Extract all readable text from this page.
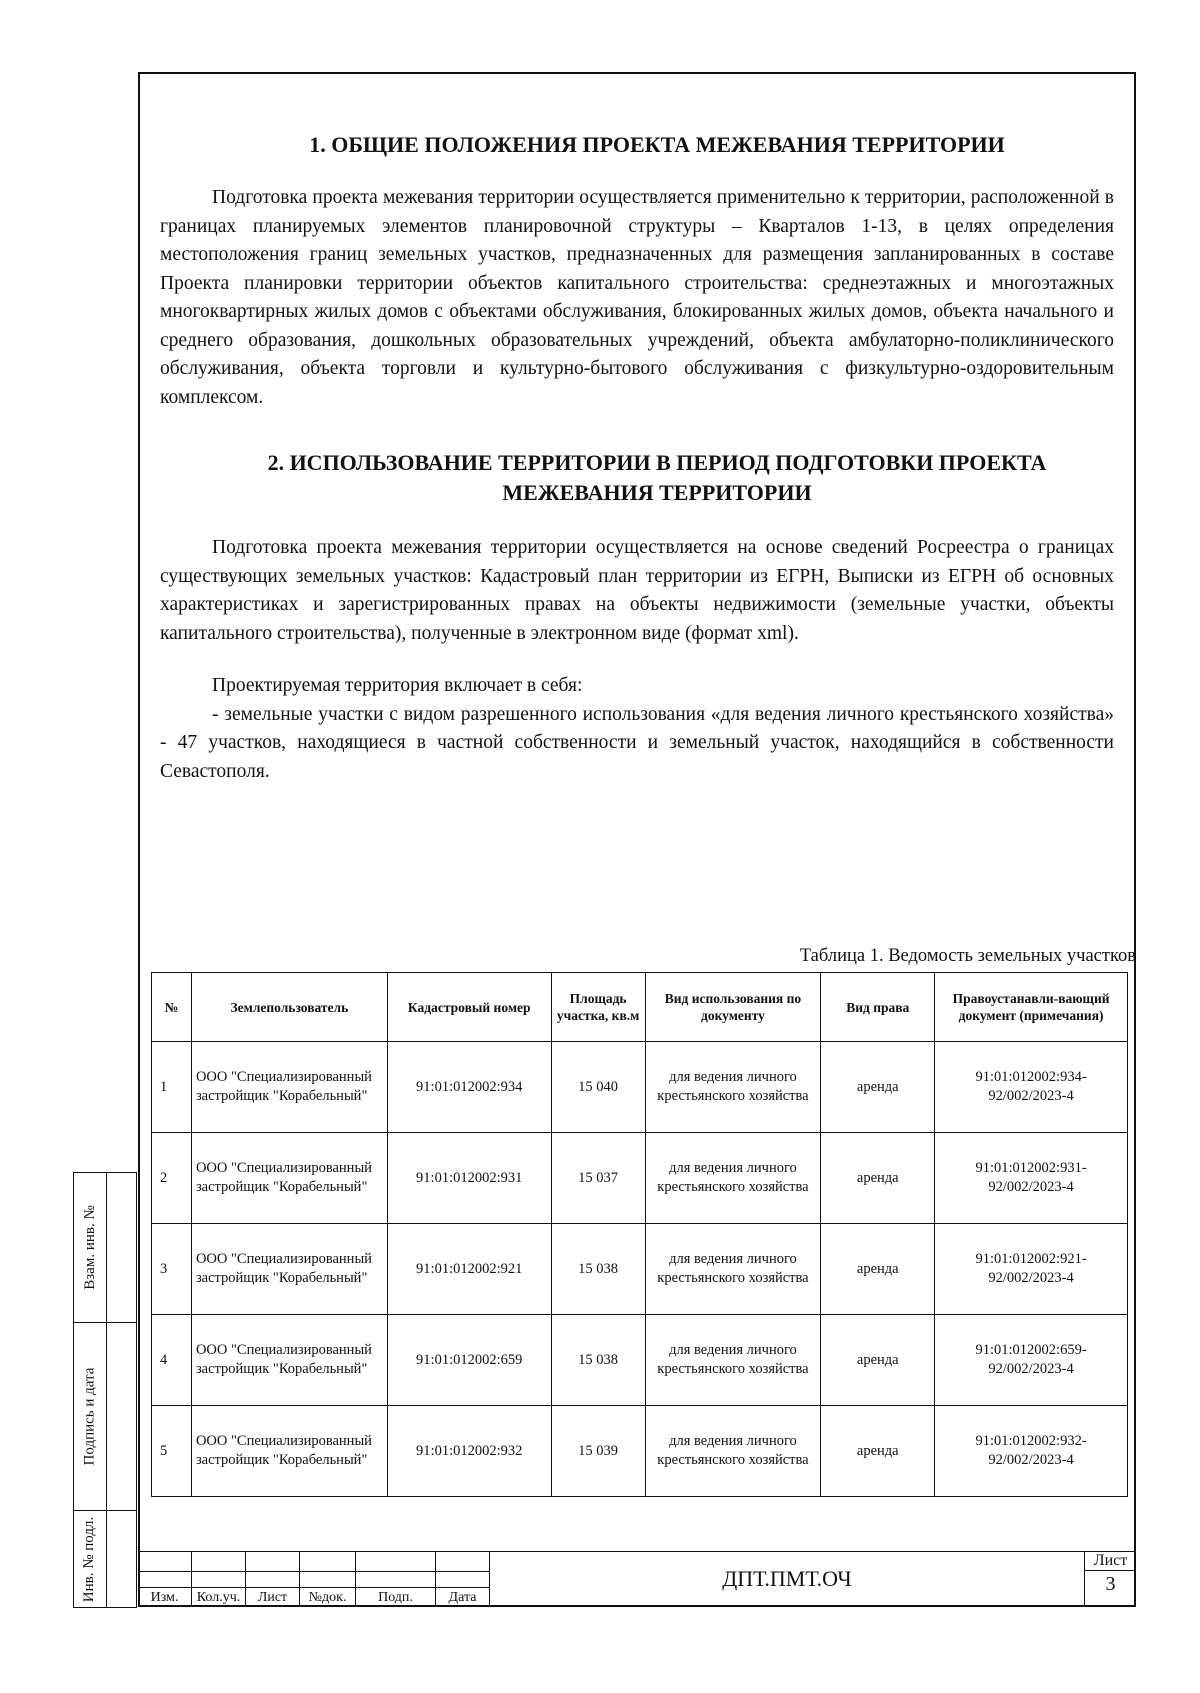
1. ОБЩИЕ ПОЛОЖЕНИЯ ПРОЕКТА МЕЖЕВАНИЯ ТЕРРИТОРИИ

Подготовка проекта межевания территории осуществляется применительно к территории, расположенной в границах планируемых элементов планировочной структуры – Кварталов 1-13, в целях определения местоположения границ земельных участков, предназначенных для размещения запланированных в составе Проекта планировки территории объектов капитального строительства: среднеэтажных и многоэтажных многоквартирных жилых домов с объектами обслуживания, блокированных жилых домов, объекта начального и среднего образования, дошкольных образовательных учреждений, объекта амбулаторно-поликлинического обслуживания, объекта торговли и культурно-бытового обслуживания с физкультурно-оздоровительным комплексом.

2. ИСПОЛЬЗОВАНИЕ ТЕРРИТОРИИ В ПЕРИОД ПОДГОТОВКИ ПРОЕКТА
МЕЖЕВАНИЯ ТЕРРИТОРИИ

Подготовка проекта межевания территории осуществляется на основе сведений Росреестра о границах существующих земельных участков: Кадастровый план территории из ЕГРН, Выписки из ЕГРН об основных характеристиках и зарегистрированных правах на объекты недвижимости (земельные участки, объекты капитального строительства), полученные в электронном виде (формат xml).

Проектируемая территория включает в себя:

- земельные участки с видом разрешенного использования «для ведения личного крестьянского хозяйства» - 47 участков, находящиеся в частной собственности и земельный участок, находящийся в собственности Севастополя.

Таблица 1. Ведомость земельных участков
№	Землепользователь	Кадастровый номер	Площадь участка, кв.м	Вид использования по документу	Вид права	Правоустанавли-вающий документ (примечания)
1	ООО "Специализированный застройщик "Корабельный"	91:01:012002:934	15 040	для ведения личного крестьянского хозяйства	аренда	91:01:012002:934-92/002/2023-4
2	ООО "Специализированный застройщик "Корабельный"	91:01:012002:931	15 037	для ведения личного крестьянского хозяйства	аренда	91:01:012002:931-92/002/2023-4
3	ООО "Специализированный застройщик "Корабельный"	91:01:012002:921	15 038	для ведения личного крестьянского хозяйства	аренда	91:01:012002:921-92/002/2023-4
4	ООО "Специализированный застройщик "Корабельный"	91:01:012002:659	15 038	для ведения личного крестьянского хозяйства	аренда	91:01:012002:659-92/002/2023-4
5	ООО "Специализированный застройщик "Корабельный"	91:01:012002:932	15 039	для ведения личного крестьянского хозяйства	аренда	91:01:012002:932-92/002/2023-4
Взам. инв. №
Подпись и дата
Инв. № подл.	Изм.	Кол.уч.	Лист	№док.	Подп.	Дата
ДПТ.ПМТ.ОЧ
Лист
3
